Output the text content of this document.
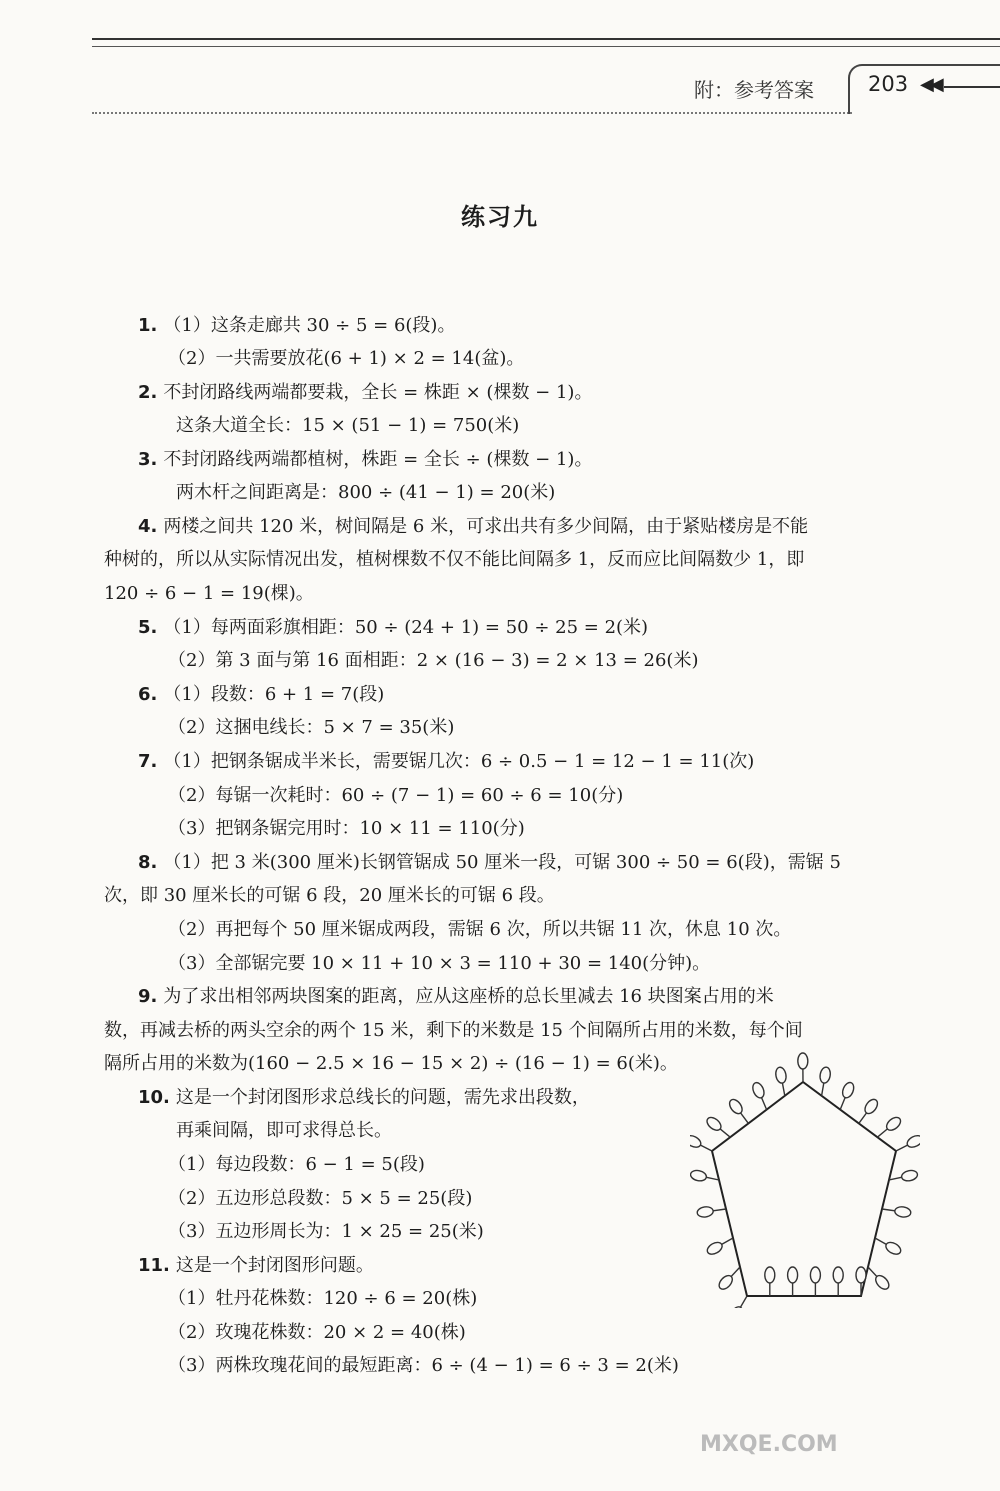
附：参考答案	203 ◀◀
练习九
1. （1）这条走廊共 30 ÷ 5 = 6(段)。
（2）一共需要放花(6 + 1) × 2 = 14(盆)。
2. 不封闭路线两端都要栽，全长 = 株距 × (棵数 − 1)。
这条大道全长：15 × (51 − 1) = 750(米)
3. 不封闭路线两端都植树，株距 = 全长 ÷ (棵数 − 1)。
两木杆之间距离是：800 ÷ (41 − 1) = 20(米)
4. 两楼之间共 120 米，树间隔是 6 米，可求出共有多少间隔，由于紧贴楼房是不能
种树的，所以从实际情况出发，植树棵数不仅不能比间隔多 1，反而应比间隔数少 1，即
120 ÷ 6 − 1 = 19(棵)。
5. （1）每两面彩旗相距：50 ÷ (24 + 1) = 50 ÷ 25 = 2(米)
（2）第 3 面与第 16 面相距：2 × (16 − 3) = 2 × 13 = 26(米)
6. （1）段数：6 + 1 = 7(段)
（2）这捆电线长：5 × 7 = 35(米)
7. （1）把钢条锯成半米长，需要锯几次：6 ÷ 0.5 − 1 = 12 − 1 = 11(次)
（2）每锯一次耗时：60 ÷ (7 − 1) = 60 ÷ 6 = 10(分)
（3）把钢条锯完用时：10 × 11 = 110(分)
8. （1）把 3 米(300 厘米)长钢管锯成 50 厘米一段，可锯 300 ÷ 50 = 6(段)，需锯 5
次，即 30 厘米长的可锯 6 段，20 厘米长的可锯 6 段。
（2）再把每个 50 厘米锯成两段，需锯 6 次，所以共锯 11 次，休息 10 次。
（3）全部锯完要 10 × 11 + 10 × 3 = 110 + 30 = 140(分钟)。
9. 为了求出相邻两块图案的距离，应从这座桥的总长里减去 16 块图案占用的米
数，再减去桥的两头空余的两个 15 米，剩下的米数是 15 个间隔所占用的米数，每个间
隔所占用的米数为(160 − 2.5 × 16 − 15 × 2) ÷ (16 − 1) = 6(米)。
10. 这是一个封闭图形求总线长的问题，需先求出段数，
再乘间隔，即可求得总长。
（1）每边段数：6 − 1 = 5(段)
（2）五边形总段数：5 × 5 = 25(段)
（3）五边形周长为：1 × 25 = 25(米)
11. 这是一个封闭图形问题。
（1）牡丹花株数：120 ÷ 6 = 20(株)
（2）玫瑰花株数：20 × 2 = 40(株)
（3）两株玫瑰花间的最短距离：6 ÷ (4 − 1) = 6 ÷ 3 = 2(米)
MXQE.COM
